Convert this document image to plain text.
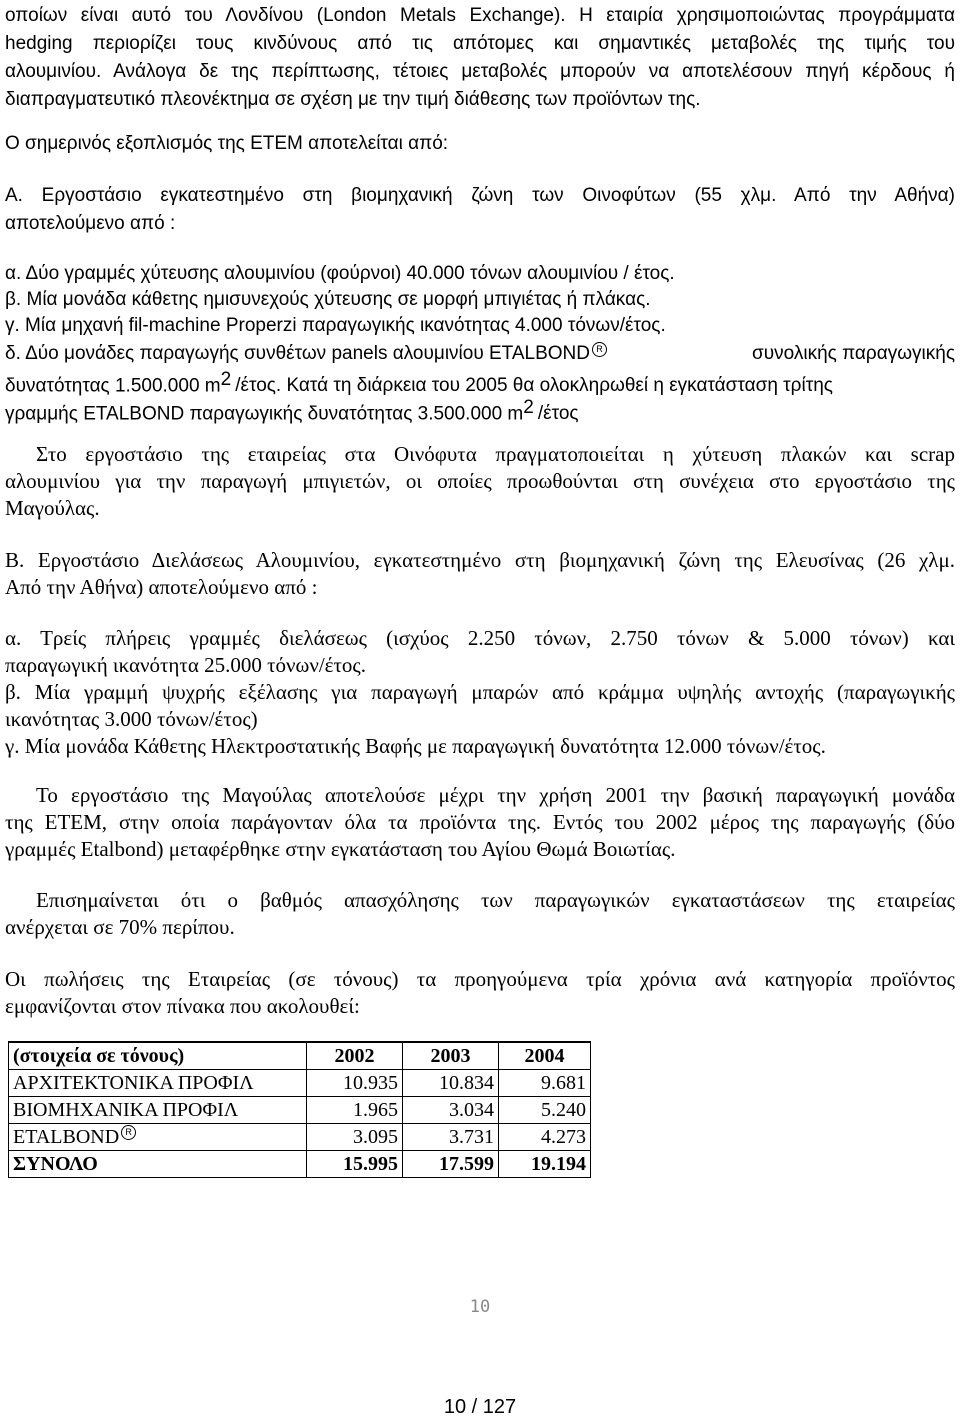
οποίων είναι αυτό του Λονδίνου (London Metals Exchange). Η εταιρία χρησιμοποιώντας προγράμματα
hedging περιορίζει τους κινδύνους από τις απότομες και σημαντικές μεταβολές της τιμής του
αλουμινίου. Ανάλογα δε της περίπτωσης, τέτοιες μεταβολές μπορούν να αποτελέσουν πηγή κέρδους ή
διαπραγματευτικό πλεονέκτημα σε σχέση με την τιμή διάθεσης των προϊόντων της.
Ο σημερινός εξοπλισμός της ΕΤΕΜ αποτελείται από:
Α. Εργοστάσιο εγκατεστημένο στη βιομηχανική ζώνη των Οινοφύτων (55 χλμ. Από την Αθήνα)
αποτελούμενο από :
α. Δύο γραμμές χύτευσης αλουμινίου (φούρνοι) 40.000 τόνων αλουμινίου / έτος.
β. Μία μονάδα κάθετης ημισυνεχούς χύτευσης σε μορφή μπιγιέτας ή πλάκας.
γ. Μία μηχανή fil-machine Properzi παραγωγικής ικανότητας 4.000 τόνων/έτος.
δ. Δύο μονάδες παραγωγής συνθέτων panels αλουμινίου ETALBOND R	συνολικής παραγωγικής
δυνατότητας 1.500.000 $m^2$ /έτος. Κατά τη διάρκεια του 2005 θα ολοκληρωθεί η εγκατάσταση τρίτης
γραμμής ETALBOND παραγωγικής δυνατότητας 3.500.000 $m^2$ /έτος
Στο εργοστάσιο της εταιρείας στα Οινόφυτα πραγματοποιείται η χύτευση πλακών και scrap
αλουμινίου για την παραγωγή μπιγιετών, οι οποίες προωθούνται στη συνέχεια στο εργοστάσιο της
Μαγούλας.
Β. Εργοστάσιο Διελάσεως Αλουμινίου, εγκατεστημένο στη βιομηχανική ζώνη της Ελευσίνας (26 χλμ.
Από την Αθήνα) αποτελούμενο από :
α. Τρείς πλήρεις γραμμές διελάσεως (ισχύος 2.250 τόνων, 2.750 τόνων & 5.000 τόνων) και
παραγωγική ικανότητα 25.000 τόνων/έτος.
β. Μία γραμμή ψυχρής εξέλασης για παραγωγή μπαρών από κράμμα υψηλής αντοχής (παραγωγικής
ικανότητας 3.000 τόνων/έτος)
γ. Μία μονάδα Κάθετης Ηλεκτροστατικής Βαφής με παραγωγική δυνατότητα 12.000 τόνων/έτος.
Το εργοστάσιο της Μαγούλας αποτελούσε μέχρι την χρήση 2001 την βασική παραγωγική μονάδα
της ΕΤΕΜ, στην οποία παράγονταν όλα τα προϊόντα της. Εντός του 2002 μέρος της παραγωγής (δύο
γραμμές Etalbond) μεταφέρθηκε στην εγκατάσταση του Αγίου Θωμά Βοιωτίας.
Επισημαίνεται ότι ο βαθμός απασχόλησης των παραγωγικών εγκαταστάσεων της εταιρείας
ανέρχεται σε 70% περίπου.
Οι πωλήσεις της Εταιρείας (σε τόνους) τα προηγούμενα τρία χρόνια ανά κατηγορία προϊόντος
εμφανίζονται στον πίνακα που ακολουθεί:
(στοιχεία σε τόνους)	2002	2003	2004
ΑΡΧΙΤΕΚΤΟΝΙΚΑ ΠΡΟΦΙΛ	10.935	10.834	9.681
ΒΙΟΜΗΧΑΝΙΚΑ ΠΡΟΦΙΛ	1.965	3.034	5.240
ETALBOND R	3.095	3.731	4.273
ΣΥΝΟΛΟ	15.995	17.599	19.194
10
10 / 127
